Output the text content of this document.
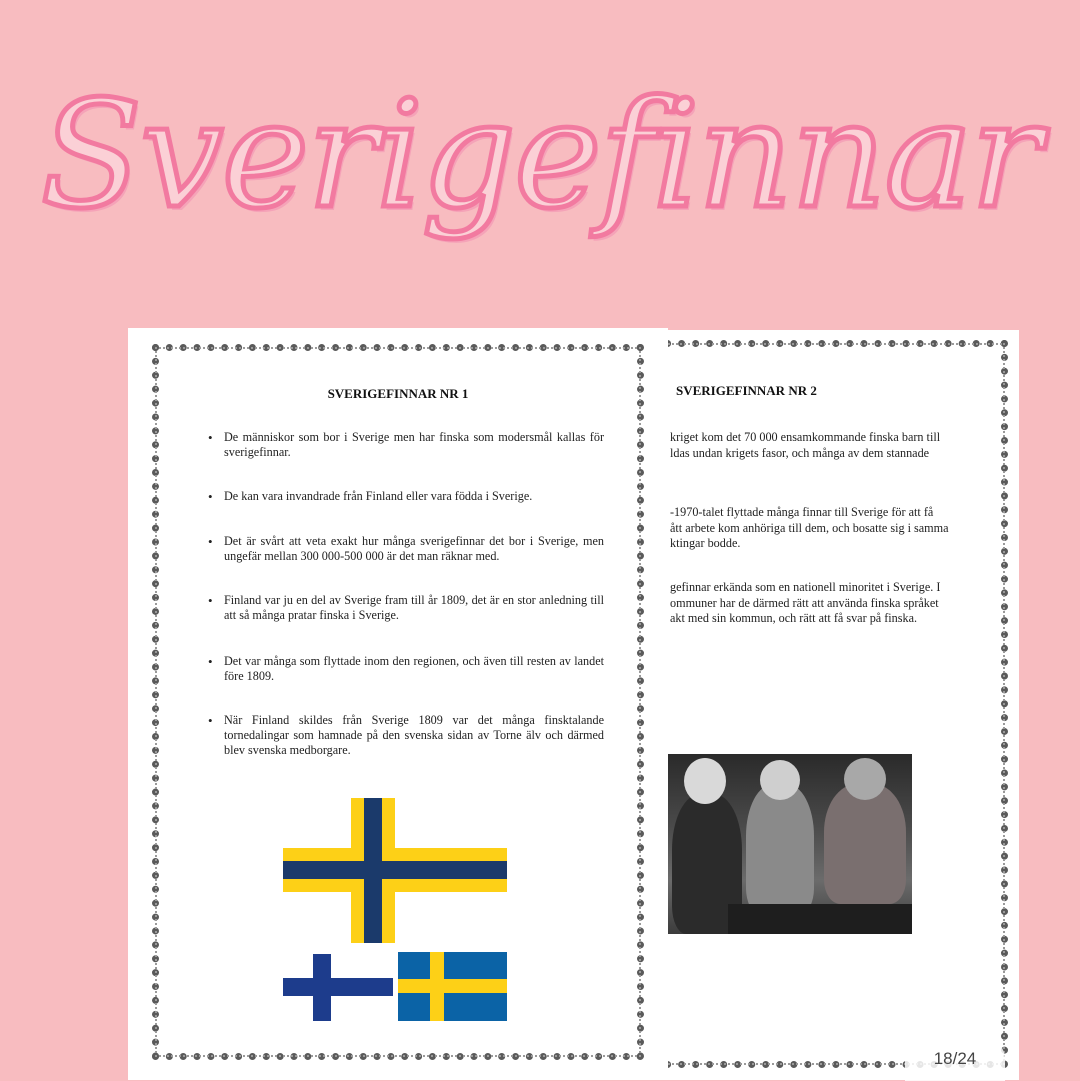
Sverigefinnar
SVERIGEFINNAR NR 1
• De människor som bor i Sverige men har finska som modersmål kallas för sverigefinnar.
• De kan vara invandrade från Finland eller vara födda i Sverige.
• Det är svårt att veta exakt hur många sverigefinnar det bor i Sverige, men ungefär mellan 300 000-500 000 är det man räknar med.
• Finland var ju en del av Sverige fram till år 1809, det är en stor anledning till att så många pratar finska i Sverige.
• Det var många som flyttade inom den regionen, och även till resten av landet före 1809.
• När Finland skildes från Sverige 1809 var det många finsktalande tornedalingar som hamnade på den svenska sidan av Torne älv och därmed blev svenska medborgare.
SVERIGEFINNAR NR 2
kriget kom det 70 000 ensamkommande finska barn till
ldas undan krigets fasor, och många av dem stannade
-1970-talet flyttade många finnar till Sverige för att få
ått arbete kom anhöriga till dem, och bosatte sig i samma
ktingar bodde.
gefinnar erkända som en nationell minoritet i Sverige. I
ommuner har de därmed rätt att använda finska språket
akt med sin kommun, och rätt att få svar på finska.
18/24
